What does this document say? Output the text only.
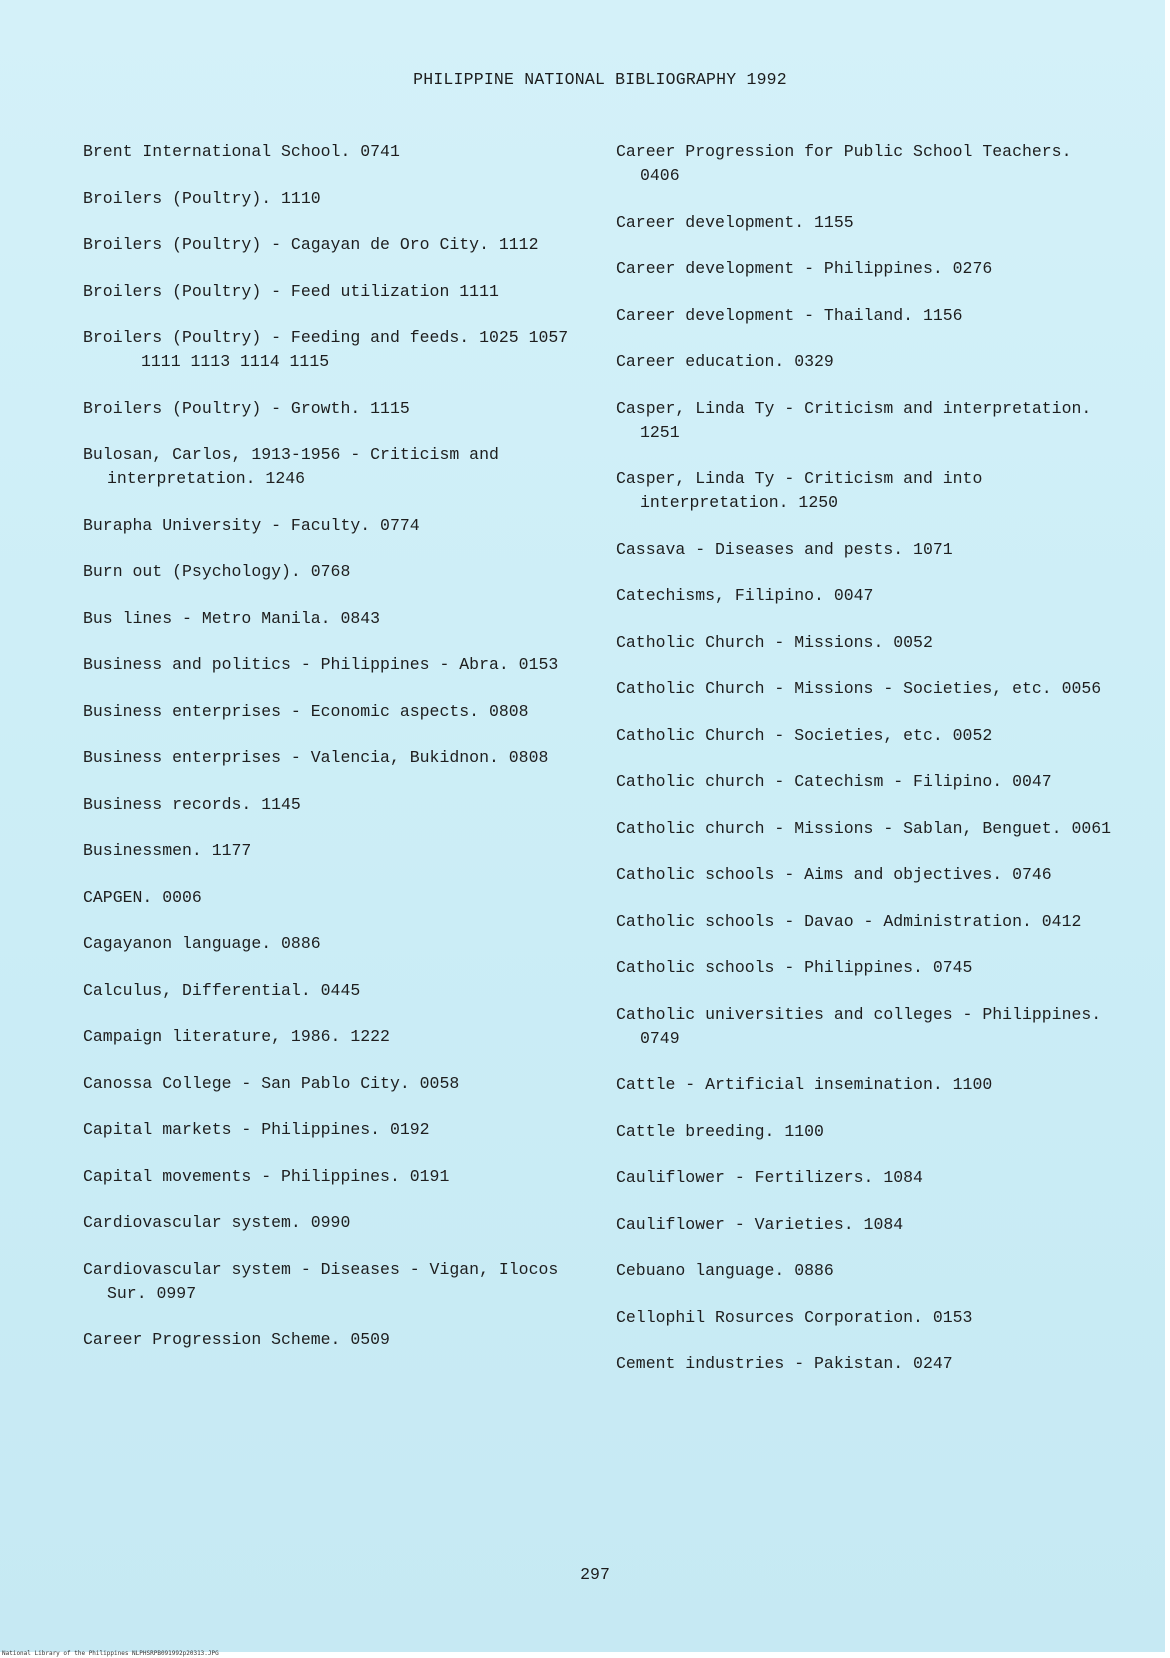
PHILIPPINE NATIONAL BIBLIOGRAPHY 1992

Brent International School. 0741

Broilers (Poultry). 1110

Broilers (Poultry) - Cagayan de Oro City. 1112

Broilers (Poultry) - Feed utilization 1111

Broilers (Poultry) - Feeding and feeds. 1025 1057 1111 1113 1114 1115

Broilers (Poultry) - Growth. 1115

Bulosan, Carlos, 1913-1956 - Criticism and interpretation. 1246

Burapha University - Faculty. 0774

Burn out (Psychology). 0768

Bus lines - Metro Manila. 0843

Business and politics - Philippines - Abra. 0153

Business enterprises - Economic aspects. 0808

Business enterprises - Valencia, Bukidnon. 0808

Business records. 1145

Businessmen. 1177

CAPGEN. 0006

Cagayanon language. 0886

Calculus, Differential. 0445

Campaign literature, 1986. 1222

Canossa College - San Pablo City. 0058

Capital markets - Philippines. 0192

Capital movements - Philippines. 0191

Cardiovascular system. 0990

Cardiovascular system - Diseases - Vigan, Ilocos Sur. 0997

Career Progression Scheme. 0509

Career Progression for Public School Teachers. 0406

Career development. 1155

Career development - Philippines. 0276

Career development - Thailand. 1156

Career education. 0329

Casper, Linda Ty - Criticism and interpretation. 1251

Casper, Linda Ty - Criticism and into interpretation. 1250

Cassava - Diseases and pests. 1071

Catechisms, Filipino. 0047

Catholic Church - Missions. 0052

Catholic Church - Missions - Societies, etc. 0056

Catholic Church - Societies, etc. 0052

Catholic church - Catechism - Filipino. 0047

Catholic church - Missions - Sablan, Benguet. 0061

Catholic schools - Aims and objectives. 0746

Catholic schools - Davao - Administration. 0412

Catholic schools - Philippines. 0745

Catholic universities and colleges - Philippines. 0749

Cattle - Artificial insemination. 1100

Cattle breeding. 1100

Cauliflower - Fertilizers. 1084

Cauliflower - Varieties. 1084

Cebuano language. 0886

Cellophil Rosurces Corporation. 0153

Cement industries - Pakistan. 0247

297
National Library of the Philippines NLPHSRPB091992p20313.JPG
